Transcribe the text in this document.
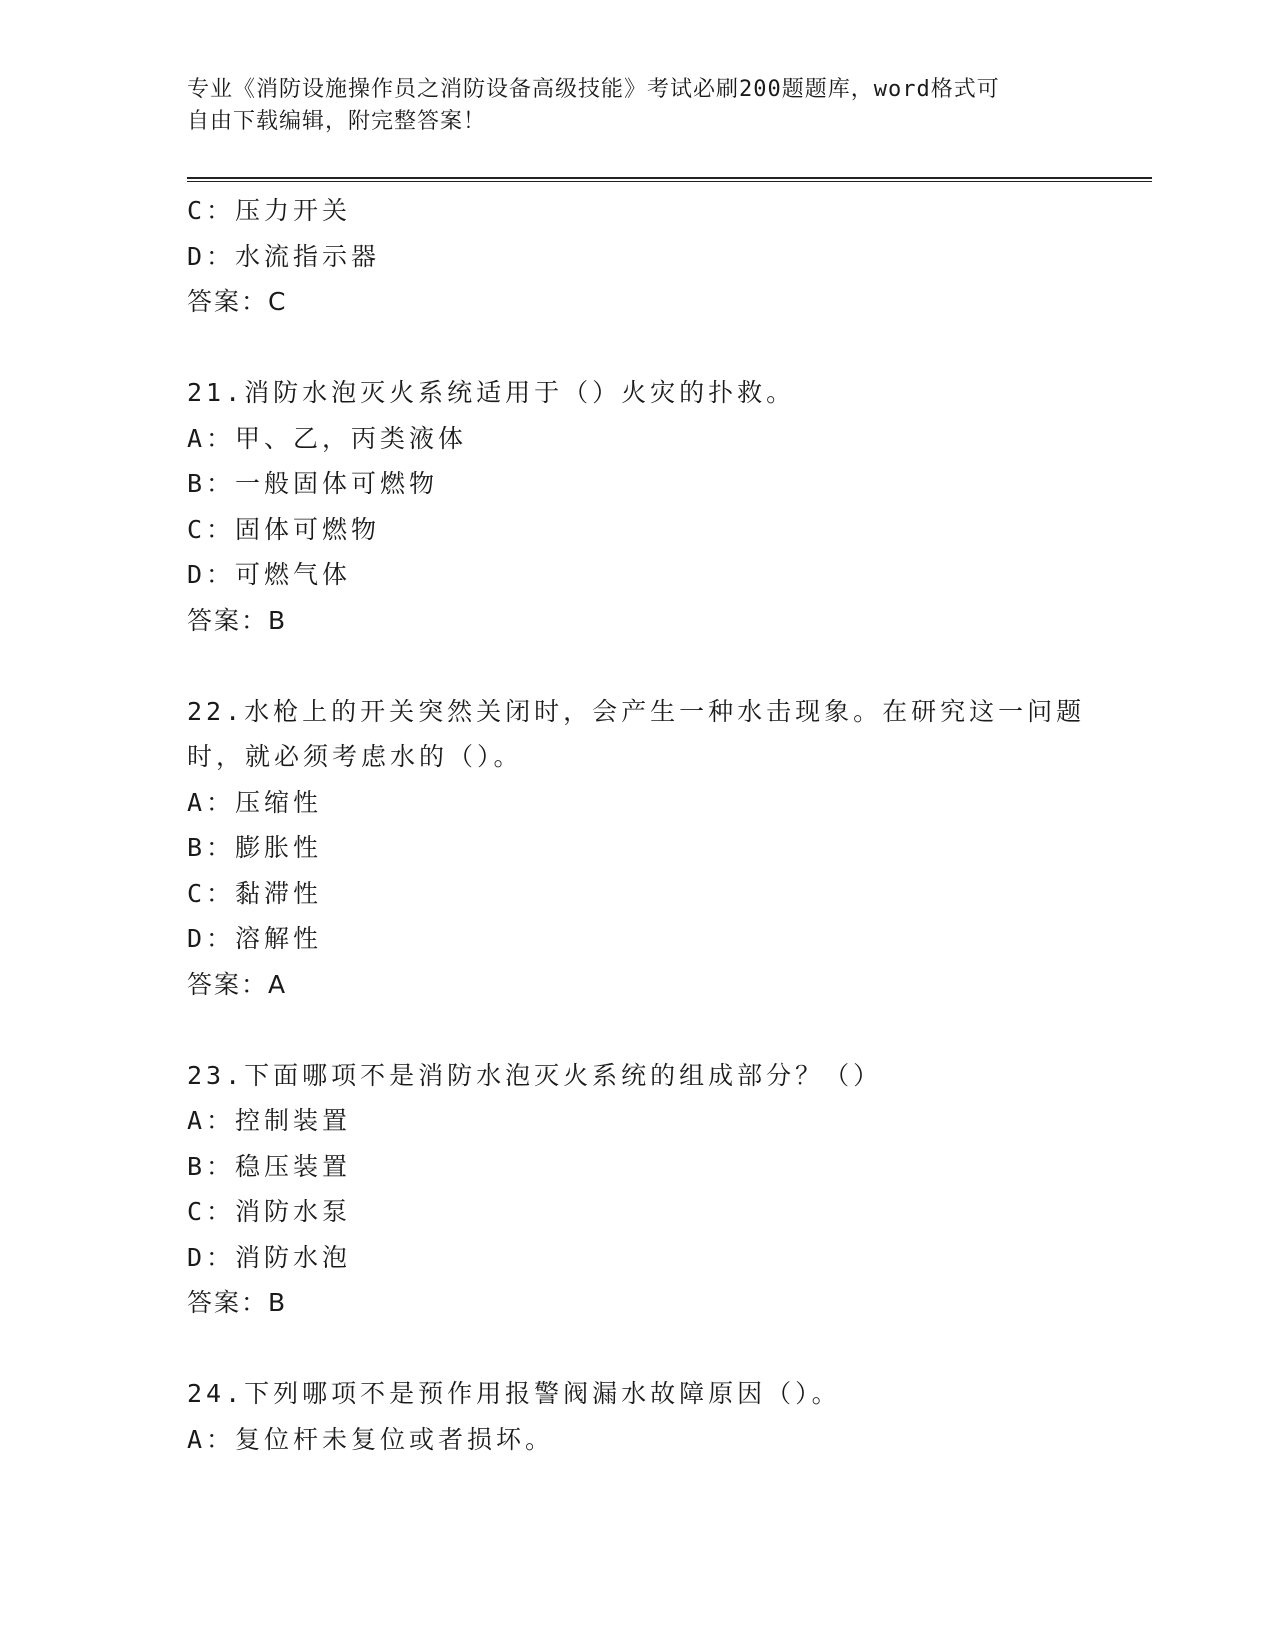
专业《消防设施操作员之消防设备高级技能》考试必刷200题题库，word格式可
自由下载编辑，附完整答案！
C：压力开关
D：水流指示器
答案：C
21.消防水泡灭火系统适用于（）火灾的扑救。
A：甲、乙，丙类液体
B：一般固体可燃物
C：固体可燃物
D：可燃气体
答案：B
22.水枪上的开关突然关闭时，会产生一种水击现象。在研究这一问题
时，就必须考虑水的（）。
A：压缩性
B：膨胀性
C：黏滞性
D：溶解性
答案：A
23.下面哪项不是消防水泡灭火系统的组成部分？（）
A：控制装置
B：稳压装置
C：消防水泵
D：消防水泡
答案：B
24.下列哪项不是预作用报警阀漏水故障原因（）。
A：复位杆未复位或者损坏。
